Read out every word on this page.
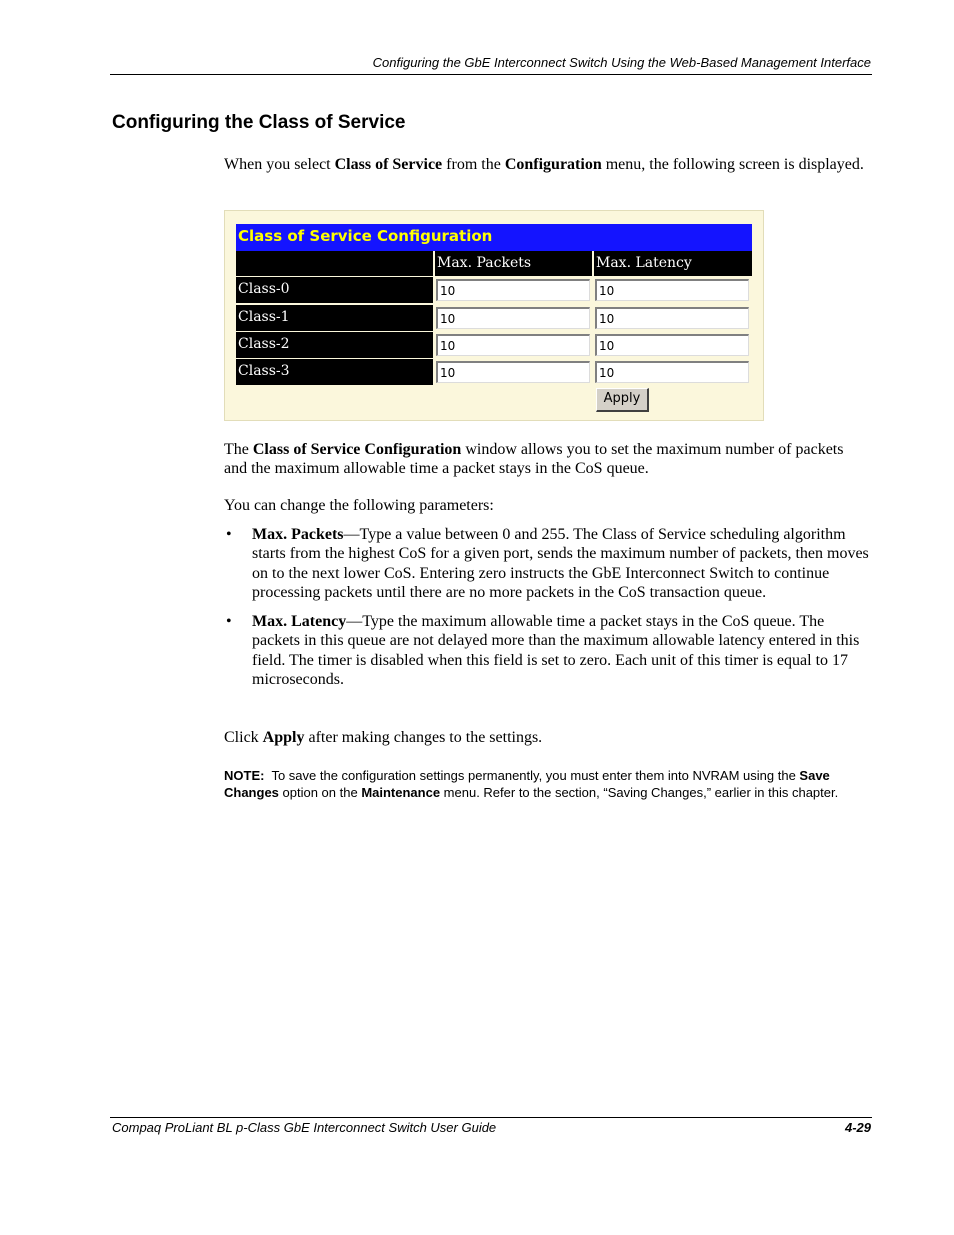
Configuring the GbE Interconnect Switch Using the Web-Based Management Interface
Configuring the Class of Service
When you select Class of Service from the Configuration menu, the following screen is displayed.
Class of Service Configuration
Max. Packets	Max. Latency
Class-0
10
10
Class-1
10
10
Class-2
10
10
Class-3
10
10
Apply
The Class of Service Configuration window allows you to set the maximum number of packets and the maximum allowable time a packet stays in the CoS queue.
You can change the following parameters:
• Max. Packets—Type a value between 0 and 255. The Class of Service scheduling algorithm starts from the highest CoS for a given port, sends the maximum number of packets, then moves on to the next lower CoS. Entering zero instructs the GbE Interconnect Switch to continue processing packets until there are no more packets in the CoS transaction queue.
• Max. Latency—Type the maximum allowable time a packet stays in the CoS queue. The packets in this queue are not delayed more than the maximum allowable latency entered in this field. The timer is disabled when this field is set to zero. Each unit of this timer is equal to 17 microseconds.
Click Apply after making changes to the settings.
NOTE:  To save the configuration settings permanently, you must enter them into NVRAM using the Save Changes option on the Maintenance menu. Refer to the section, “Saving Changes,” earlier in this chapter.
Compaq ProLiant BL p-Class GbE Interconnect Switch User Guide	4-29
